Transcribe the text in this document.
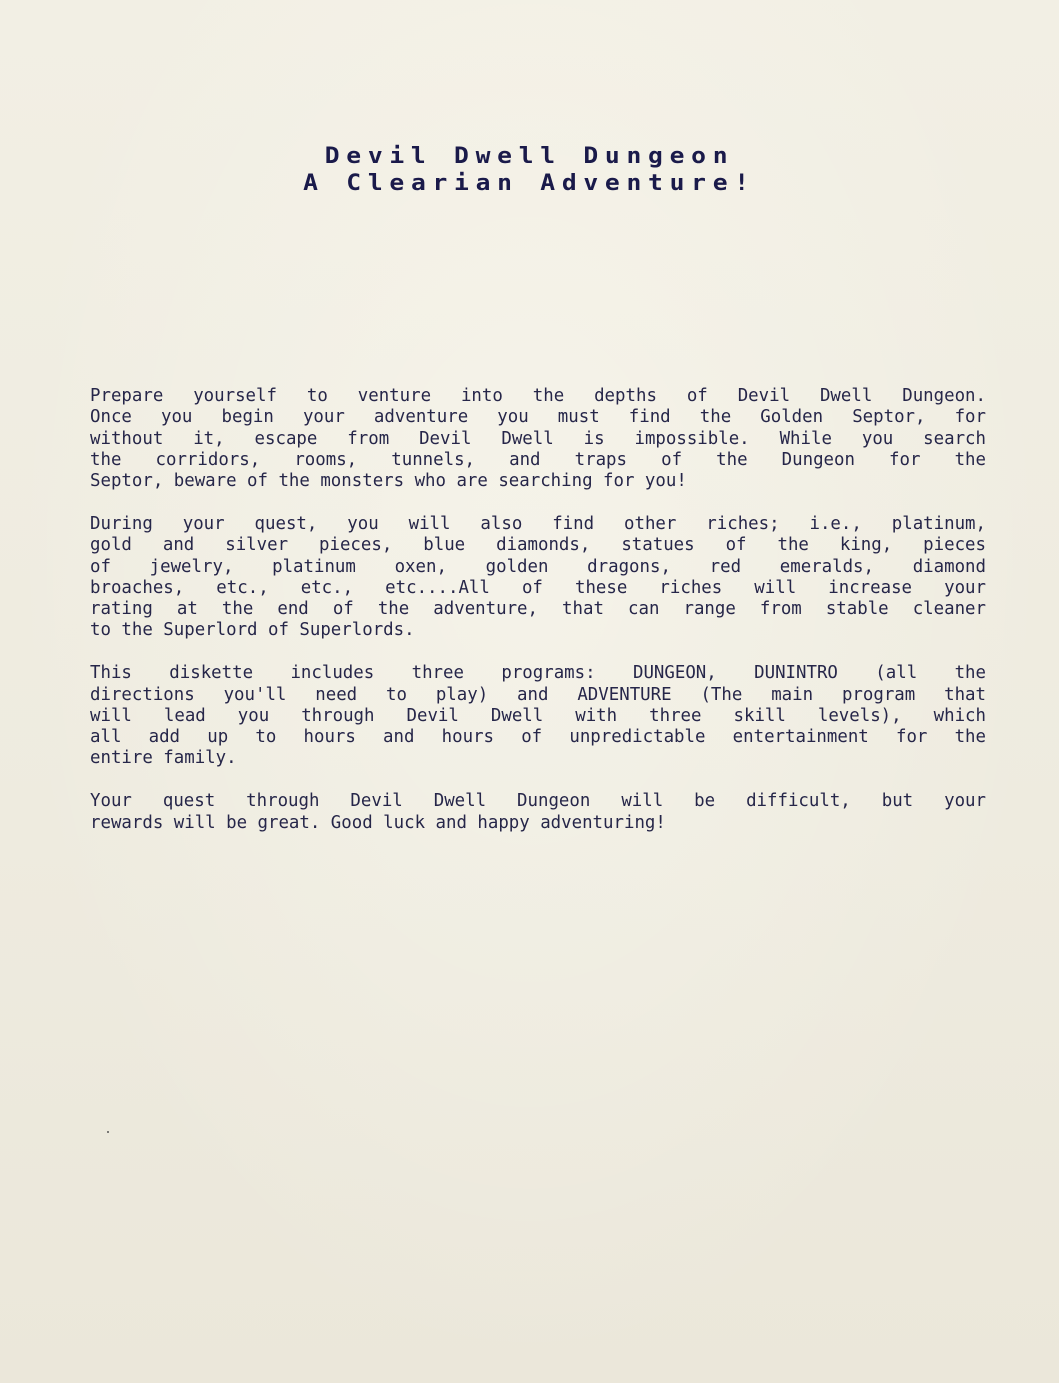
Devil Dwell Dungeon
A Clearian Adventure!
Prepare yourself to venture into the depths of Devil Dwell Dungeon.
Once you begin your adventure you must find the Golden Septor, for
without it, escape from Devil Dwell is impossible. While you search
the corridors, rooms, tunnels, and traps of the Dungeon for the
Septor, beware of the monsters who are searching for you!
During your quest, you will also find other riches; i.e., platinum,
gold and silver pieces, blue diamonds, statues of the king, pieces
of jewelry, platinum oxen, golden dragons, red emeralds, diamond
broaches, etc., etc., etc....All of these riches will increase your
rating at the end of the adventure, that can range from stable cleaner
to the Superlord of Superlords.
This diskette includes three programs: DUNGEON, DUNINTRO (all the
directions you'll need to play) and ADVENTURE (The main program that
will lead you through Devil Dwell with three skill levels), which
all add up to hours and hours of unpredictable entertainment for the
entire family.
Your quest through Devil Dwell Dungeon will be difficult, but your
rewards will be great. Good luck and happy adventuring!
